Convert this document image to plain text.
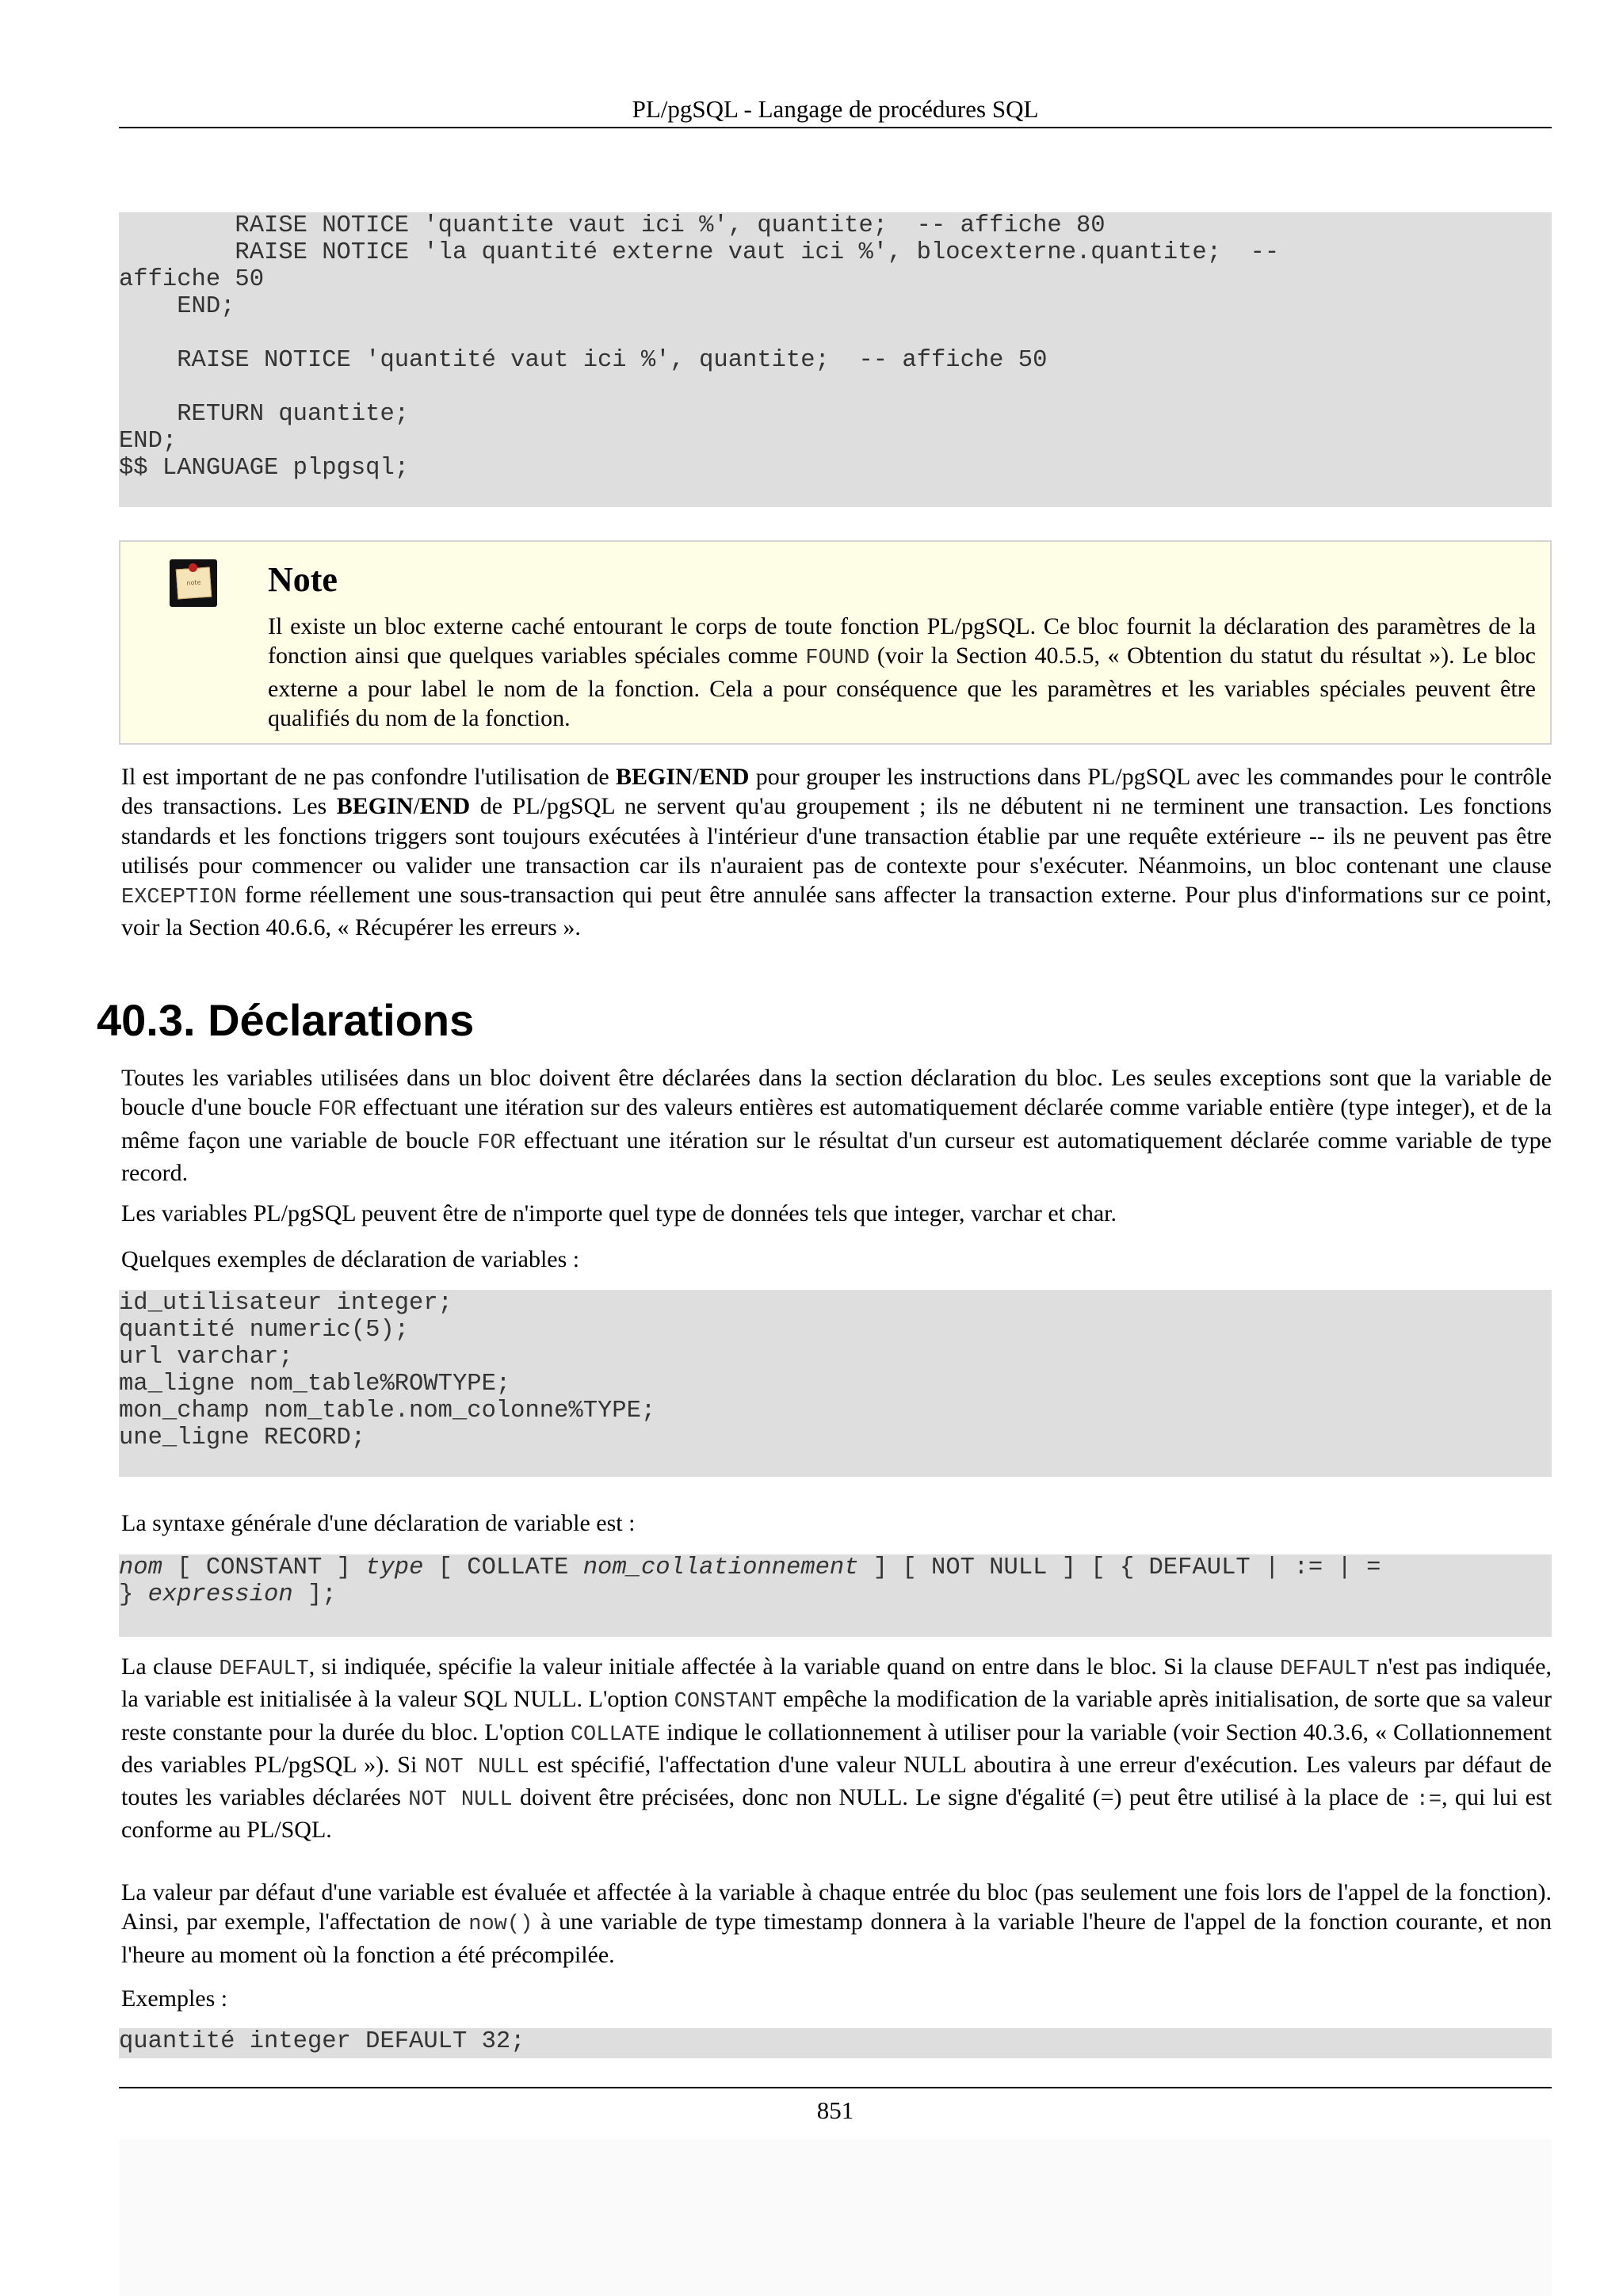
PL/pgSQL - Langage de procédures SQL
RAISE NOTICE 'quantite vaut ici %', quantite;  -- affiche 80
RAISE NOTICE 'la quantité externe vaut ici %', blocexterne.quantite;  --
affiche 50
END;

RAISE NOTICE 'quantité vaut ici %', quantite;  -- affiche 50

RETURN quantite;
END;
$$ LANGUAGE plpgsql;
note	Note

Il existe un bloc externe caché entourant le corps de toute fonction PL/pgSQL. Ce bloc fournit la déclaration des paramètres de la fonction ainsi que quelques variables spéciales comme FOUND (voir la Section 40.5.5, « Obtention du statut du résultat »). Le bloc externe a pour label le nom de la fonction. Cela a pour conséquence que les paramètres et les variables spéciales peuvent être qualifiés du nom de la fonction.

Il est important de ne pas confondre l'utilisation de BEGIN/END pour grouper les instructions dans PL/pgSQL avec les commandes pour le contrôle des transactions. Les BEGIN/END de PL/pgSQL ne servent qu'au groupement ; ils ne débutent ni ne terminent une transaction. Les fonctions standards et les fonctions triggers sont toujours exécutées à l'intérieur d'une transaction établie par une requête extérieure -- ils ne peuvent pas être utilisés pour commencer ou valider une transaction car ils n'auraient pas de contexte pour s'exécuter. Néanmoins, un bloc contenant une clause EXCEPTION forme réellement une sous-transaction qui peut être annulée sans affecter la transaction externe. Pour plus d'informations sur ce point, voir la Section 40.6.6, « Récupérer les erreurs ».

40.3. Déclarations

Toutes les variables utilisées dans un bloc doivent être déclarées dans la section déclaration du bloc. Les seules exceptions sont que la variable de boucle d'une boucle FOR effectuant une itération sur des valeurs entières est automatiquement déclarée comme variable entière (type integer), et de la même façon une variable de boucle FOR effectuant une itération sur le résultat d'un curseur est automatiquement déclarée comme variable de type record.

Les variables PL/pgSQL peuvent être de n'importe quel type de données tels que integer, varchar et char.

Quelques exemples de déclaration de variables :

id_utilisateur integer;
quantité numeric(5);
url varchar;
ma_ligne nom_table%ROWTYPE;
mon_champ nom_table.nom_colonne%TYPE;
une_ligne RECORD;

La syntaxe générale d'une déclaration de variable est :

nom [ CONSTANT ] type [ COLLATE nom_collationnement ] [ NOT NULL ] [ { DEFAULT | := | =
} expression ];

La clause DEFAULT, si indiquée, spécifie la valeur initiale affectée à la variable quand on entre dans le bloc. Si la clause DEFAULT n'est pas indiquée, la variable est initialisée à la valeur SQL NULL. L'option CONSTANT empêche la modification de la variable après initialisation, de sorte que sa valeur reste constante pour la durée du bloc. L'option COLLATE indique le collationnement à utiliser pour la variable (voir Section 40.3.6, « Collationnement des variables PL/pgSQL »). Si NOT NULL est spécifié, l'affectation d'une valeur NULL aboutira à une erreur d'exécution. Les valeurs par défaut de toutes les variables déclarées NOT NULL doivent être précisées, donc non NULL. Le signe d'égalité (=) peut être utilisé à la place de :=, qui lui est conforme au PL/SQL.

La valeur par défaut d'une variable est évaluée et affectée à la variable à chaque entrée du bloc (pas seulement une fois lors de l'appel de la fonction). Ainsi, par exemple, l'affectation de now() à une variable de type timestamp donnera à la variable l'heure de l'appel de la fonction courante, et non l'heure au moment où la fonction a été précompilée.

Exemples :

quantité integer DEFAULT 32;
851
